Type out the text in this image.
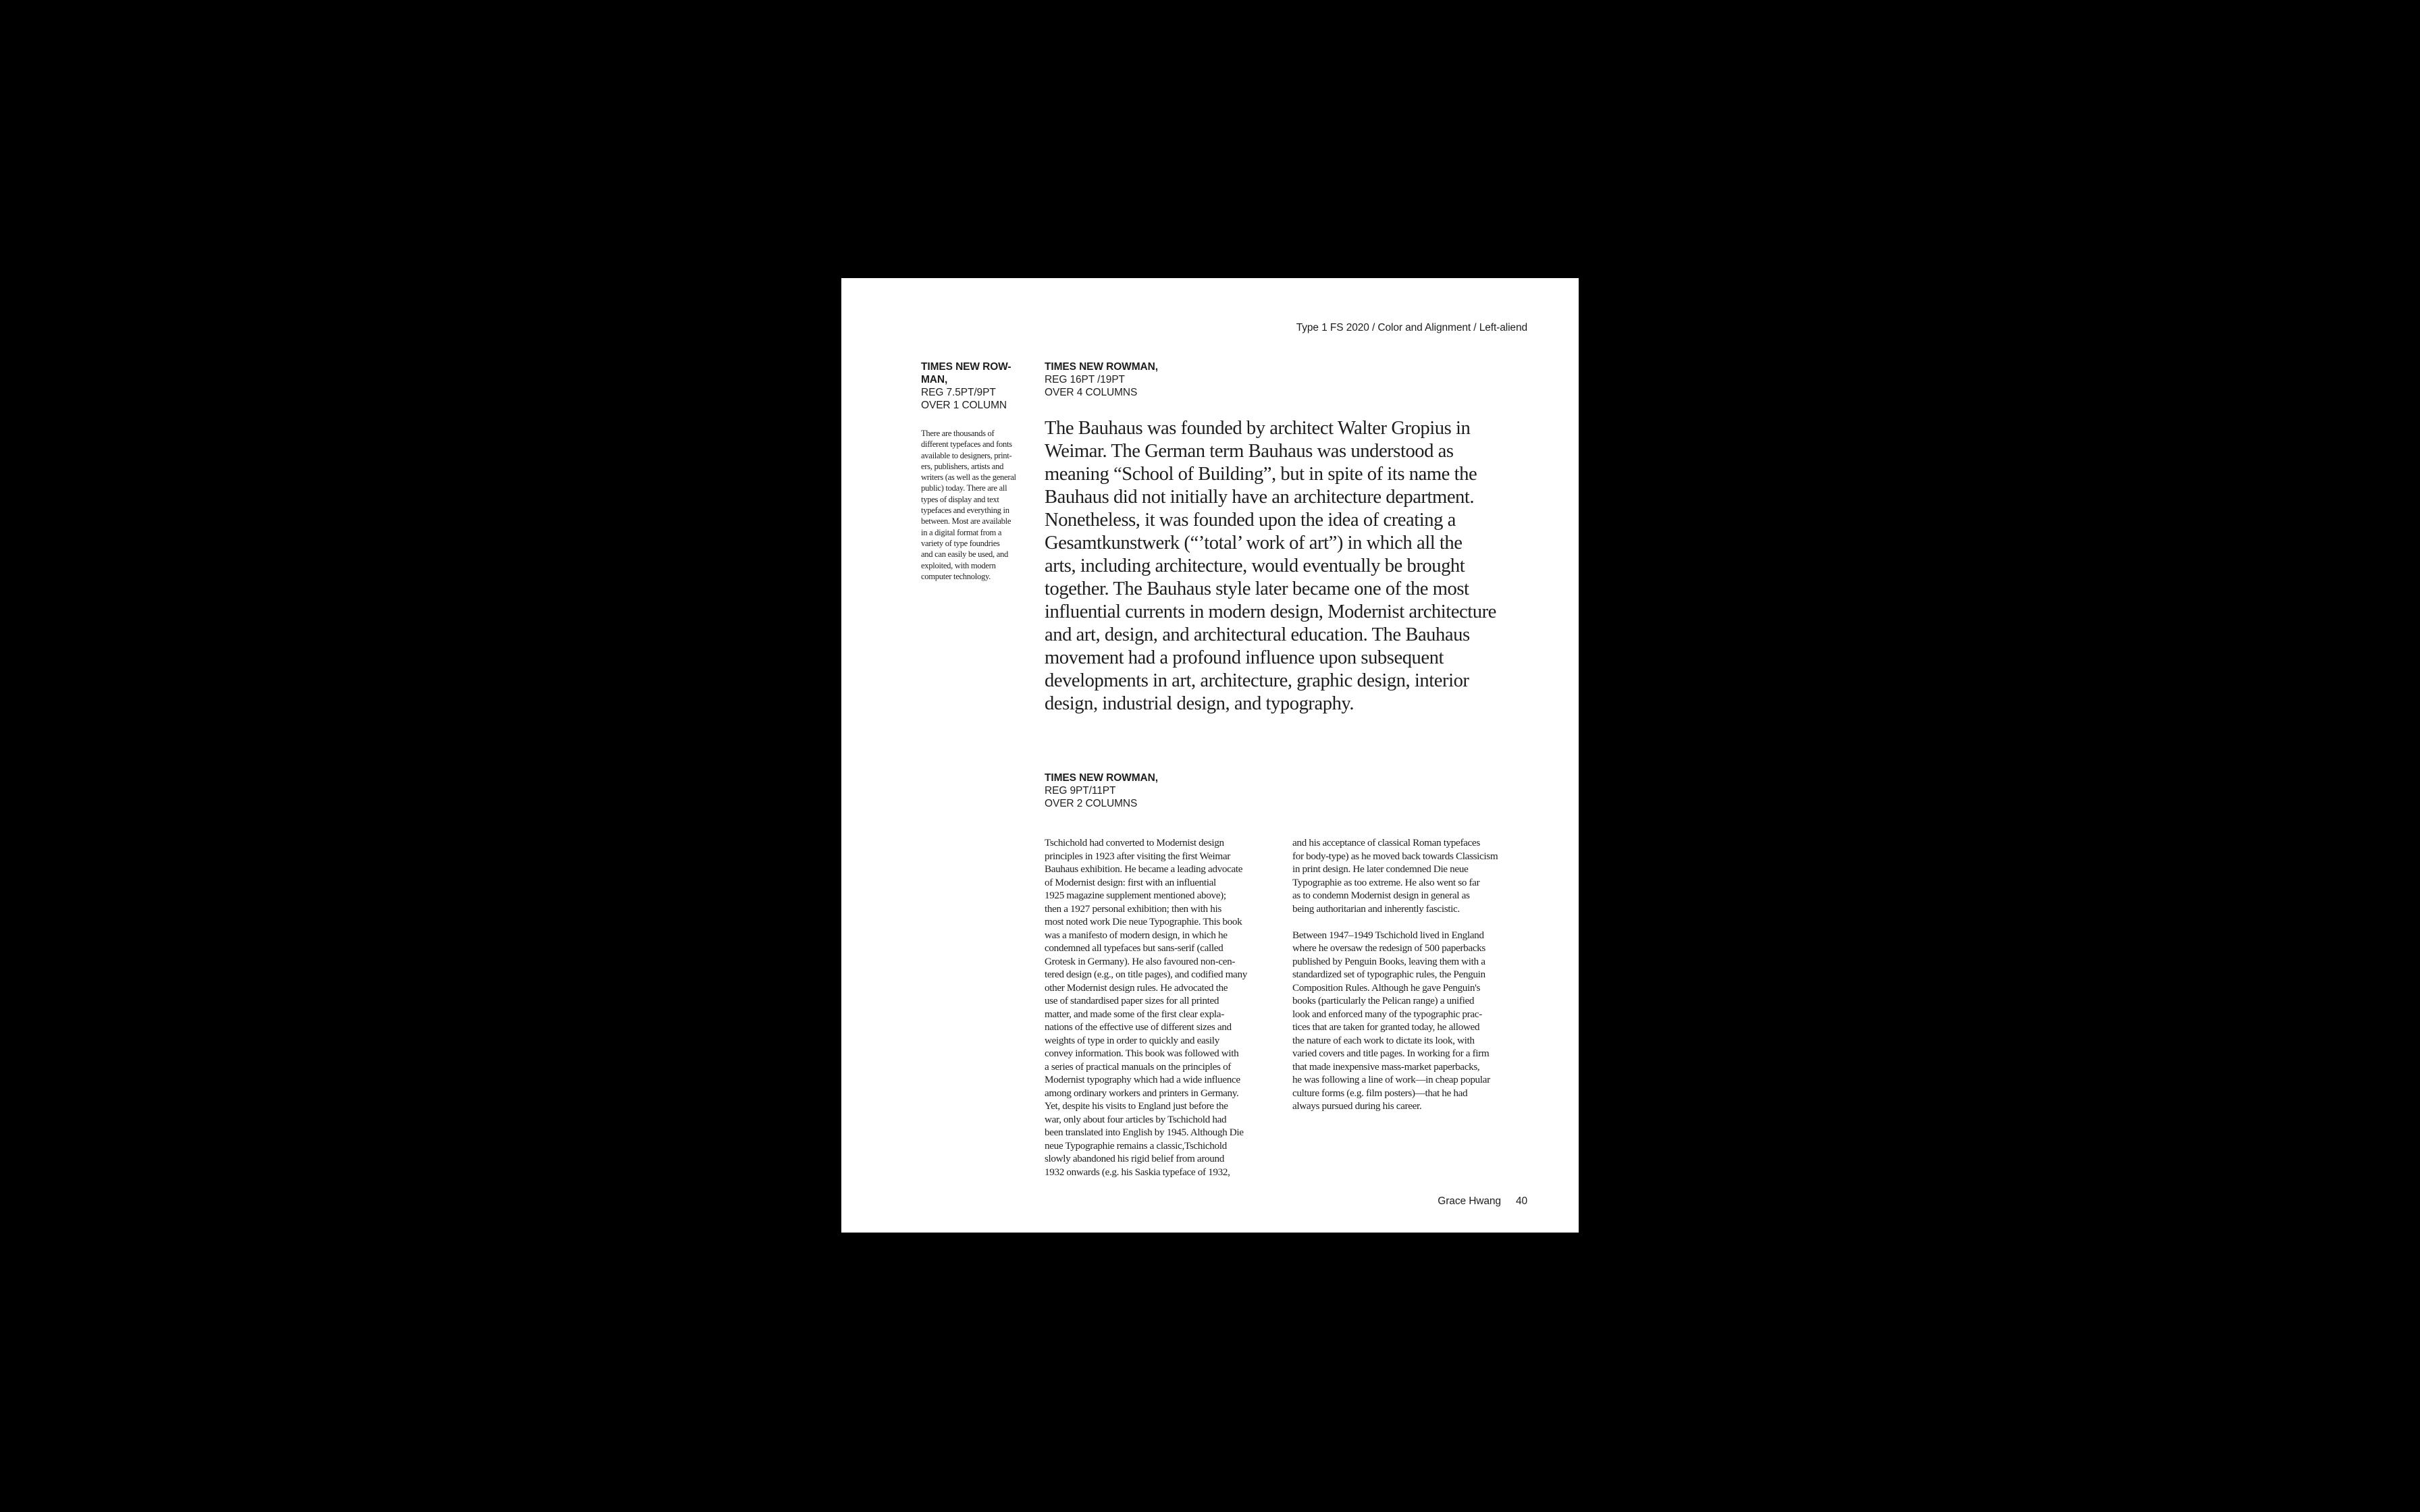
Type 1 FS 2020 / Color and Alignment / Left-aliend
TIMES NEW ROW-MAN,
REG 7.5PT/9PT
OVER 1 COLUMN
There are thousands of
different typefaces and fonts
available to designers, print-
ers, publishers, artists and
writers (as well as the general
public) today. There are all
types of display and text
typefaces and everything in
between. Most are available
in a digital format from a
variety of type foundries
and can easily be used, and
exploited, with modern
computer technology.
TIMES NEW ROWMAN,
REG 16PT /19PT
OVER 4 COLUMNS
The Bauhaus was founded by architect Walter Gropius in
Weimar. The German term Bauhaus was understood as
meaning “School of Building”, but in spite of its name the
Bauhaus did not initially have an architecture department.
Nonetheless, it was founded upon the idea of creating a
Gesamtkunstwerk (“’total’ work of art”) in which all the
arts, including architecture, would eventually be brought
together. The Bauhaus style later became one of the most
influential currents in modern design, Modernist architecture
and art, design, and architectural education. The Bauhaus
movement had a profound influence upon subsequent
developments in art, architecture, graphic design, interior
design, industrial design, and typography.
TIMES NEW ROWMAN,
REG 9PT/11PT
OVER 2 COLUMNS
Tschichold had converted to Modernist design
principles in 1923 after visiting the first Weimar
Bauhaus exhibition. He became a leading advocate
of Modernist design: first with an influential
1925 magazine supplement mentioned above);
then a 1927 personal exhibition; then with his
most noted work Die neue Typographie. This book
was a manifesto of modern design, in which he
condemned all typefaces but sans-serif (called
Grotesk in Germany). He also favoured non-cen-
tered design (e.g., on title pages), and codified many
other Modernist design rules. He advocated the
use of standardised paper sizes for all printed
matter, and made some of the first clear expla-
nations of the effective use of different sizes and
weights of type in order to quickly and easily
convey information. This book was followed with
a series of practical manuals on the principles of
Modernist typography which had a wide influence
among ordinary workers and printers in Germany.
Yet, despite his visits to England just before the
war, only about four articles by Tschichold had
been translated into English by 1945. Although Die
neue Typographie remains a classic,Tschichold
slowly abandoned his rigid belief from around
1932 onwards (e.g. his Saskia typeface of 1932,
and his acceptance of classical Roman typefaces
for body-type) as he moved back towards Classicism
in print design. He later condemned Die neue
Typographie as too extreme. He also went so far
as to condemn Modernist design in general as
being authoritarian and inherently fascistic.
Between 1947–1949 Tschichold lived in England
where he oversaw the redesign of 500 paperbacks
published by Penguin Books, leaving them with a
standardized set of typographic rules, the Penguin
Composition Rules. Although he gave Penguin's
books (particularly the Pelican range) a unified
look and enforced many of the typographic prac-
tices that are taken for granted today, he allowed
the nature of each work to dictate its look, with
varied covers and title pages. In working for a firm
that made inexpensive mass-market paperbacks,
he was following a line of work—in cheap popular
culture forms (e.g. film posters)—that he had
always pursued during his career.
Grace Hwang 40
